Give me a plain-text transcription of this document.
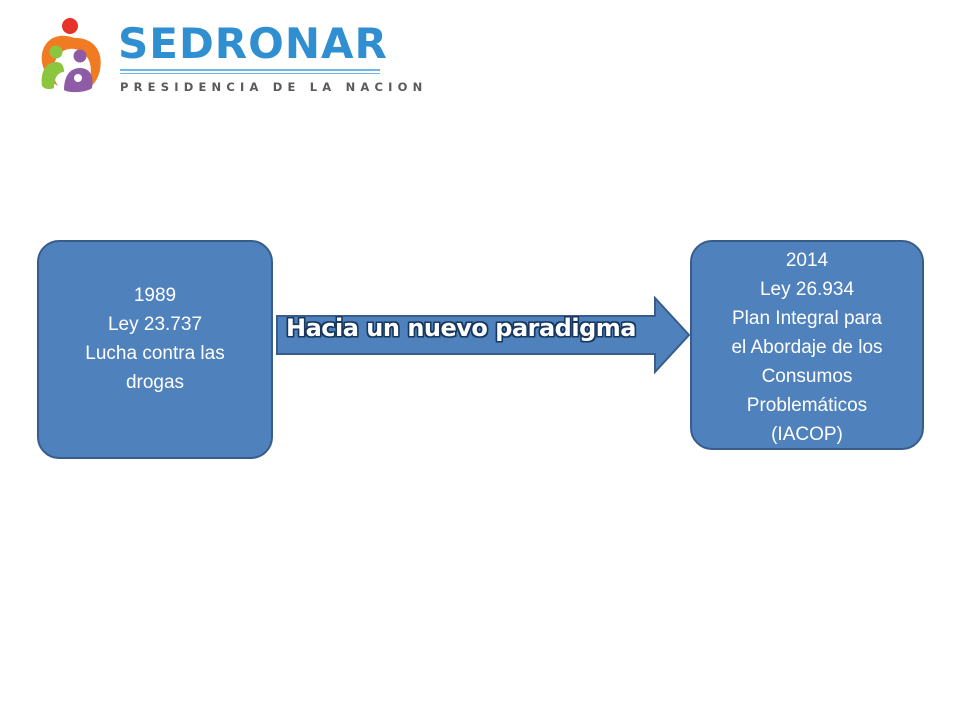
SEDRONAR
PRESIDENCIA DE LA NACION
1989
Ley 23.737
Lucha contra las
drogas
Hacia un nuevo paradigma
2014
Ley 26.934
Plan Integral para
el Abordaje de los
Consumos
Problemáticos
(IACOP)
